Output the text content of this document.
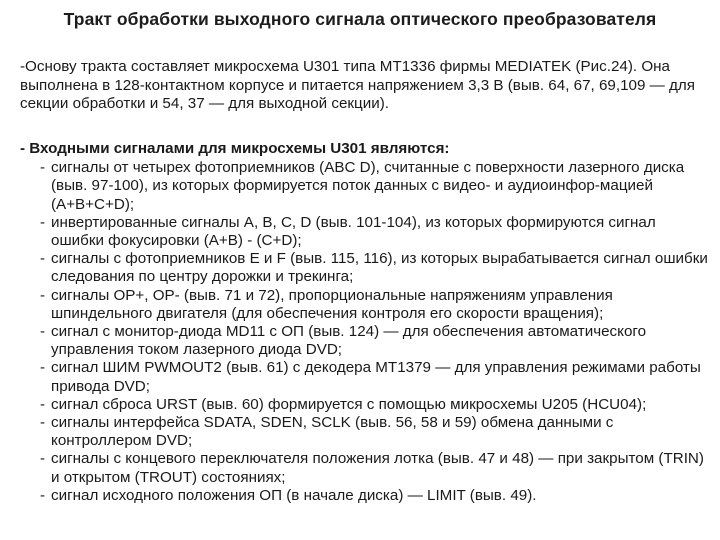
Тракт обработки выходного сигнала оптического преобразователя

-Основу тракта составляет микросхема U301 типа MT1336 фирмы MEDIATEK (Рис.24). Она выполнена в 128-контактном корпусе и питается напряжением 3,3 В (выв. 64, 67, 69,109 — для секции обработки и 54, 37 — для выходной секции).

- Входными сигналами для микросхемы U301 являются:

- сигналы от четырех фотоприемников (ABC D), считанные с поверхности лазерного диска (выв. 97-100), из которых формируется поток данных с видео- и аудиоинфор-мацией (A+B+C+D);
- инвертированные сигналы A, B, C, D (выв. 101-104), из которых формируются сигнал ошибки фокусировки (A+B) - (C+D);
- сигналы с фотоприемников E и F (выв. 115, 116), из которых вырабатывается сигнал ошибки следования по центру дорожки и трекинга;
- сигналы OP+, OP- (выв. 71 и 72), пропорциональные напряжениям управления шпиндельного двигателя (для обеспечения контроля его скорости вращения);
- сигнал с монитор-диода MD11 с ОП (выв. 124) — для обеспечения автоматического управления током лазерного диода DVD;
- сигнал ШИМ PWMOUT2 (выв. 61) с декодера MT1379 — для управления режимами работы привода DVD;
- сигнал сброса URST (выв. 60) формируется с помощью микросхемы U205 (HCU04);
- сигналы интерфейса SDATA, SDEN, SCLK (выв. 56, 58 и 59) обмена данными с контроллером DVD;
- сигналы с концевого переключателя положения лотка (выв. 47 и 48) — при закрытом (TRIN) и открытом (TROUT) состояниях;
- сигнал исходного положения ОП (в начале диска) — LIMIT (выв. 49).
